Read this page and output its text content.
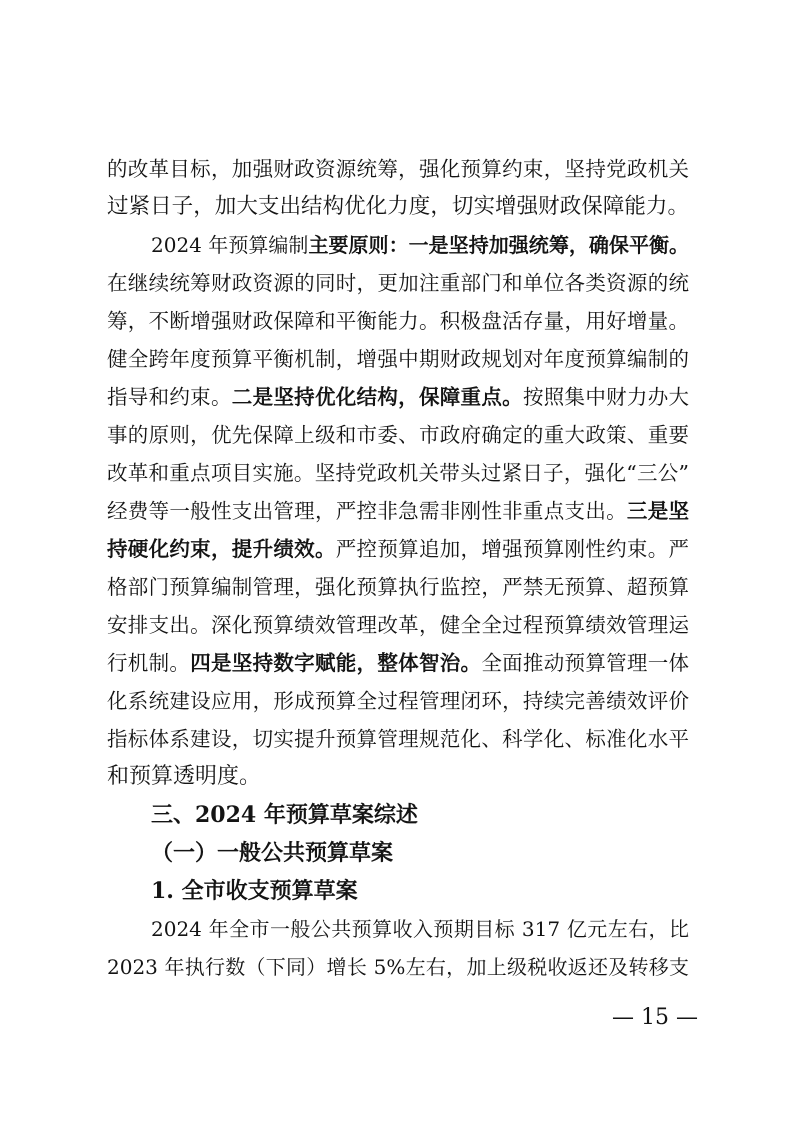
的改革目标，加强财政资源统筹，强化预算约束，坚持党政机关
过紧日子，加大支出结构优化力度，切实增强财政保障能力。
2024 年预算编制主要原则：一是坚持加强统筹，确保平衡。
在继续统筹财政资源的同时，更加注重部门和单位各类资源的统
筹，不断增强财政保障和平衡能力。积极盘活存量，用好增量。
健全跨年度预算平衡机制，增强中期财政规划对年度预算编制的
指导和约束。二是坚持优化结构，保障重点。按照集中财力办大
事的原则，优先保障上级和市委、市政府确定的重大政策、重要
改革和重点项目实施。坚持党政机关带头过紧日子，强化“三公”
经费等一般性支出管理，严控非急需非刚性非重点支出。三是坚
持硬化约束，提升绩效。严控预算追加，增强预算刚性约束。严
格部门预算编制管理，强化预算执行监控，严禁无预算、超预算
安排支出。深化预算绩效管理改革，健全全过程预算绩效管理运
行机制。四是坚持数字赋能，整体智治。全面推动预算管理一体
化系统建设应用，形成预算全过程管理闭环，持续完善绩效评价
指标体系建设，切实提升预算管理规范化、科学化、标准化水平
和预算透明度。
三、2024 年预算草案综述
（一）一般公共预算草案
1. 全市收支预算草案
2024 年全市一般公共预算收入预期目标 317 亿元左右，比
2023 年执行数（下同）增长 5%左右，加上级税收返还及转移支
— 15 —
